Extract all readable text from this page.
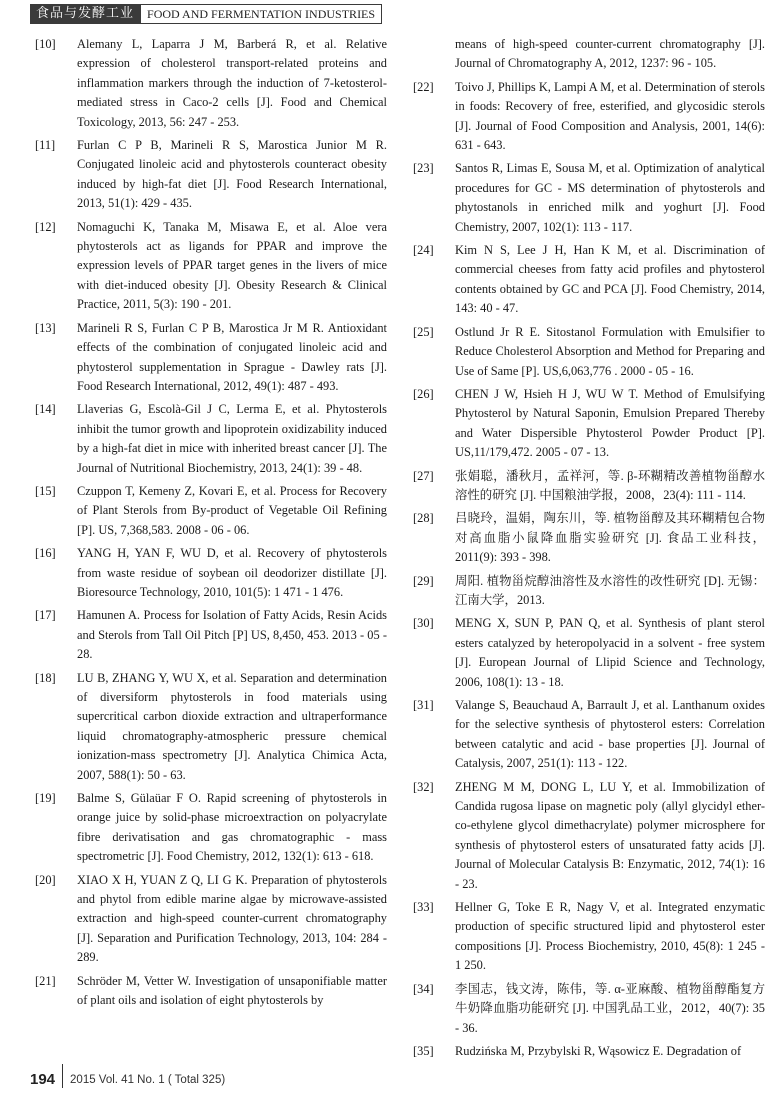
食品与发酵工业	FOOD AND FERMENTATION INDUSTRIES
[10] Alemany L, Laparra J M, Barberá R, et al. Relative expression of cholesterol transport-related proteins and inflammation markers through the induction of 7-ketosterol-mediated stress in Caco-2 cells [J]. Food and Chemical Toxicology, 2013, 56: 247 - 253.
[11] Furlan C P B, Marineli R S, Marostica Junior M R. Conjugated linoleic acid and phytosterols counteract obesity induced by high-fat diet [J]. Food Research International, 2013, 51(1): 429 - 435.
[12] Nomaguchi K, Tanaka M, Misawa E, et al. Aloe vera phytosterols act as ligands for PPAR and improve the expression levels of PPAR target genes in the livers of mice with diet-induced obesity [J]. Obesity Research & Clinical Practice, 2011, 5(3): 190 - 201.
[13] Marineli R S, Furlan C P B, Marostica Jr M R. Antioxidant effects of the combination of conjugated linoleic acid and phytosterol supplementation in Sprague - Dawley rats [J]. Food Research International, 2012, 49(1): 487 - 493.
[14] Llaverias G, Escolà-Gil J C, Lerma E, et al. Phytosterols inhibit the tumor growth and lipoprotein oxidizability induced by a high-fat diet in mice with inherited breast cancer [J]. The Journal of Nutritional Biochemistry, 2013, 24(1): 39 - 48.
[15] Czuppon T, Kemeny Z, Kovari E, et al. Process for Recovery of Plant Sterols from By-product of Vegetable Oil Refining [P]. US, 7,368,583. 2008 - 06 - 06.
[16] YANG H, YAN F, WU D, et al. Recovery of phytosterols from waste residue of soybean oil deodorizer distillate [J]. Bioresource Technology, 2010, 101(5): 1 471 - 1 476.
[17] Hamunen A. Process for Isolation of Fatty Acids, Resin Acids and Sterols from Tall Oil Pitch [P] US, 8,450, 453. 2013 - 05 - 28.
[18] LU B, ZHANG Y, WU X, et al. Separation and determination of diversiform phytosterols in food materials using supercritical carbon dioxide extraction and ultraperformance liquid chromatography-atmospheric pressure chemical ionization-mass spectrometry [J]. Analytica Chimica Acta, 2007, 588(1): 50 - 63.
[19] Balme S, Gülaüar F O. Rapid screening of phytosterols in orange juice by solid-phase microextraction on polyacrylate fibre derivatisation and gas chromatographic - mass spectrometric [J]. Food Chemistry, 2012, 132(1): 613 - 618.
[20] XIAO X H, YUAN Z Q, LI G K. Preparation of phytosterols and phytol from edible marine algae by microwave-assisted extraction and high-speed counter-current chromatography [J]. Separation and Purification Technology, 2013, 104: 284 - 289.
[21] Schröder M, Vetter W. Investigation of unsaponifiable matter of plant oils and isolation of eight phytosterols by
means of high-speed counter-current chromatography [J]. Journal of Chromatography A, 2012, 1237: 96 - 105.
[22] Toivo J, Phillips K, Lampi A M, et al. Determination of sterols in foods: Recovery of free, esterified, and glycosidic sterols [J]. Journal of Food Composition and Analysis, 2001, 14(6): 631 - 643.
[23] Santos R, Limas E, Sousa M, et al. Optimization of analytical procedures for GC - MS determination of phytosterols and phytostanols in enriched milk and yoghurt [J]. Food Chemistry, 2007, 102(1): 113 - 117.
[24] Kim N S, Lee J H, Han K M, et al. Discrimination of commercial cheeses from fatty acid profiles and phytosterol contents obtained by GC and PCA [J]. Food Chemistry, 2014, 143: 40 - 47.
[25] Ostlund Jr R E. Sitostanol Formulation with Emulsifier to Reduce Cholesterol Absorption and Method for Preparing and Use of Same [P]. US,6,063,776 . 2000 - 05 - 16.
[26] CHEN J W, Hsieh H J, WU W T. Method of Emulsifying Phytosterol by Natural Saponin, Emulsion Prepared Thereby and Water Dispersible Phytosterol Powder Product [P]. US,11/179,472. 2005 - 07 - 13.
[27] 张娟聪，潘秋月，孟祥河，等. β-环糊精改善植物甾醇水溶性的研究 [J]. 中国粮油学报，2008，23(4): 111 - 114.
[28] 吕晓玲，温娟，陶东川，等. 植物甾醇及其环糊精包合物对高血脂小鼠降血脂实验研究 [J]. 食品工业科技，2011(9): 393 - 398.
[29] 周阳. 植物甾烷醇油溶性及水溶性的改性研究 [D]. 无锡：江南大学，2013.
[30] MENG X, SUN P, PAN Q, et al. Synthesis of plant sterol esters catalyzed by heteropolyacid in a solvent - free system [J]. European Journal of Llipid Science and Technology, 2006, 108(1): 13 - 18.
[31] Valange S, Beauchaud A, Barrault J, et al. Lanthanum oxides for the selective synthesis of phytosterol esters: Correlation between catalytic and acid - base properties [J]. Journal of Catalysis, 2007, 251(1): 113 - 122.
[32] ZHENG M M, DONG L, LU Y, et al. Immobilization of Candida rugosa lipase on magnetic poly (allyl glycidyl ether-co-ethylene glycol dimethacrylate) polymer microsphere for synthesis of phytosterol esters of unsaturated fatty acids [J]. Journal of Molecular Catalysis B: Enzymatic, 2012, 74(1): 16 - 23.
[33] Hellner G, Toke E R, Nagy V, et al. Integrated enzymatic production of specific structured lipid and phytosterol ester compositions [J]. Process Biochemistry, 2010, 45(8): 1 245 - 1 250.
[34] 李国志，钱文涛，陈伟，等. α-亚麻酸、植物甾醇酯复方牛奶降血脂功能研究 [J]. 中国乳品工业，2012，40(7): 35 - 36.
[35] Rudzińska M, Przybylski R, Wąsowicz E. Degradation of
194 2015 Vol. 41 No. 1 ( Total 325)
